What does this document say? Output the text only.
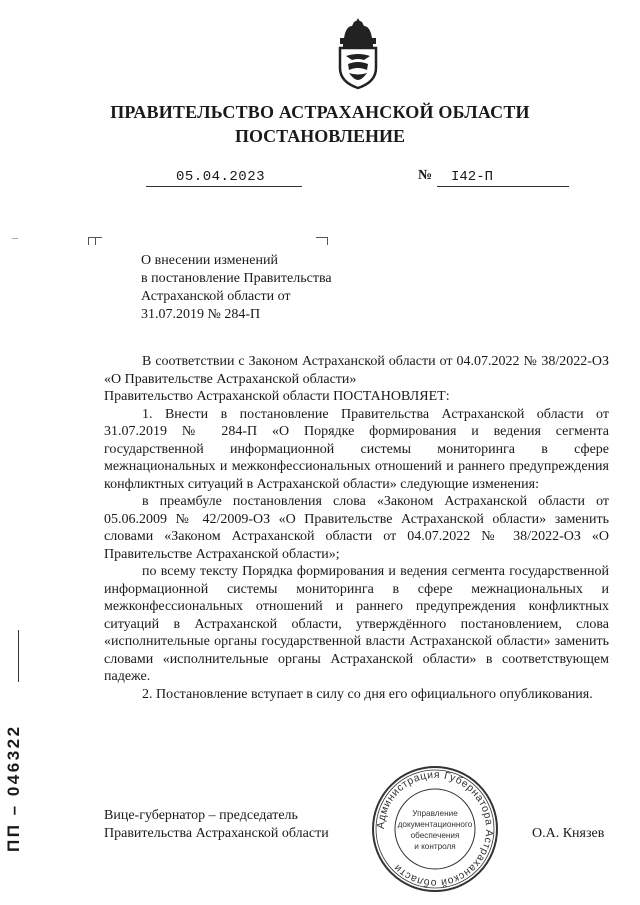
ПРАВИТЕЛЬСТВО АСТРАХАНСКОЙ ОБЛАСТИ
ПОСТАНОВЛЕНИЕ
05.04.2023	№ I42-П
О внесении изменений
в постановление Правительства
Астраханской области от
31.07.2019 № 284-П

В соответствии с Законом Астраханской области от 04.07.2022 № 38/2022-ОЗ «О Правительстве Астраханской области»

Правительство Астраханской области ПОСТАНОВЛЯЕТ:

1. Внести в постановление Правительства Астраханской области от 31.07.2019 № 284-П «О Порядке формирования и ведения сегмента государственной информационной системы мониторинга в сфере межнациональных и межконфессиональных отношений и раннего предупреждения конфликтных ситуаций в Астраханской области» следующие изменения:

в преамбуле постановления слова «Законом Астраханской области от 05.06.2009 № 42/2009-ОЗ «О Правительстве Астраханской области» заменить словами «Законом Астраханской области от 04.07.2022 № 38/2022-ОЗ «О Правительстве Астраханской области»;

по всему тексту Порядка формирования и ведения сегмента государственной информационной системы мониторинга в сфере межнациональных и межконфессиональных отношений и раннего предупреждения конфликтных ситуаций в Астраханской области, утверждённого постановлением, слова «исполнительные органы государственной власти Астраханской области» заменить словами «исполнительные органы Астраханской области» в соответствующем падеже.

2. Постановление вступает в силу со дня его официального опубликования.

Вице-губернатор – председатель
Правительства Астраханской области	О.А. Князев
Администрация Губернатора Астраханской области
Управление
документационного
обеспечения
и контроля
ПП – 046322
